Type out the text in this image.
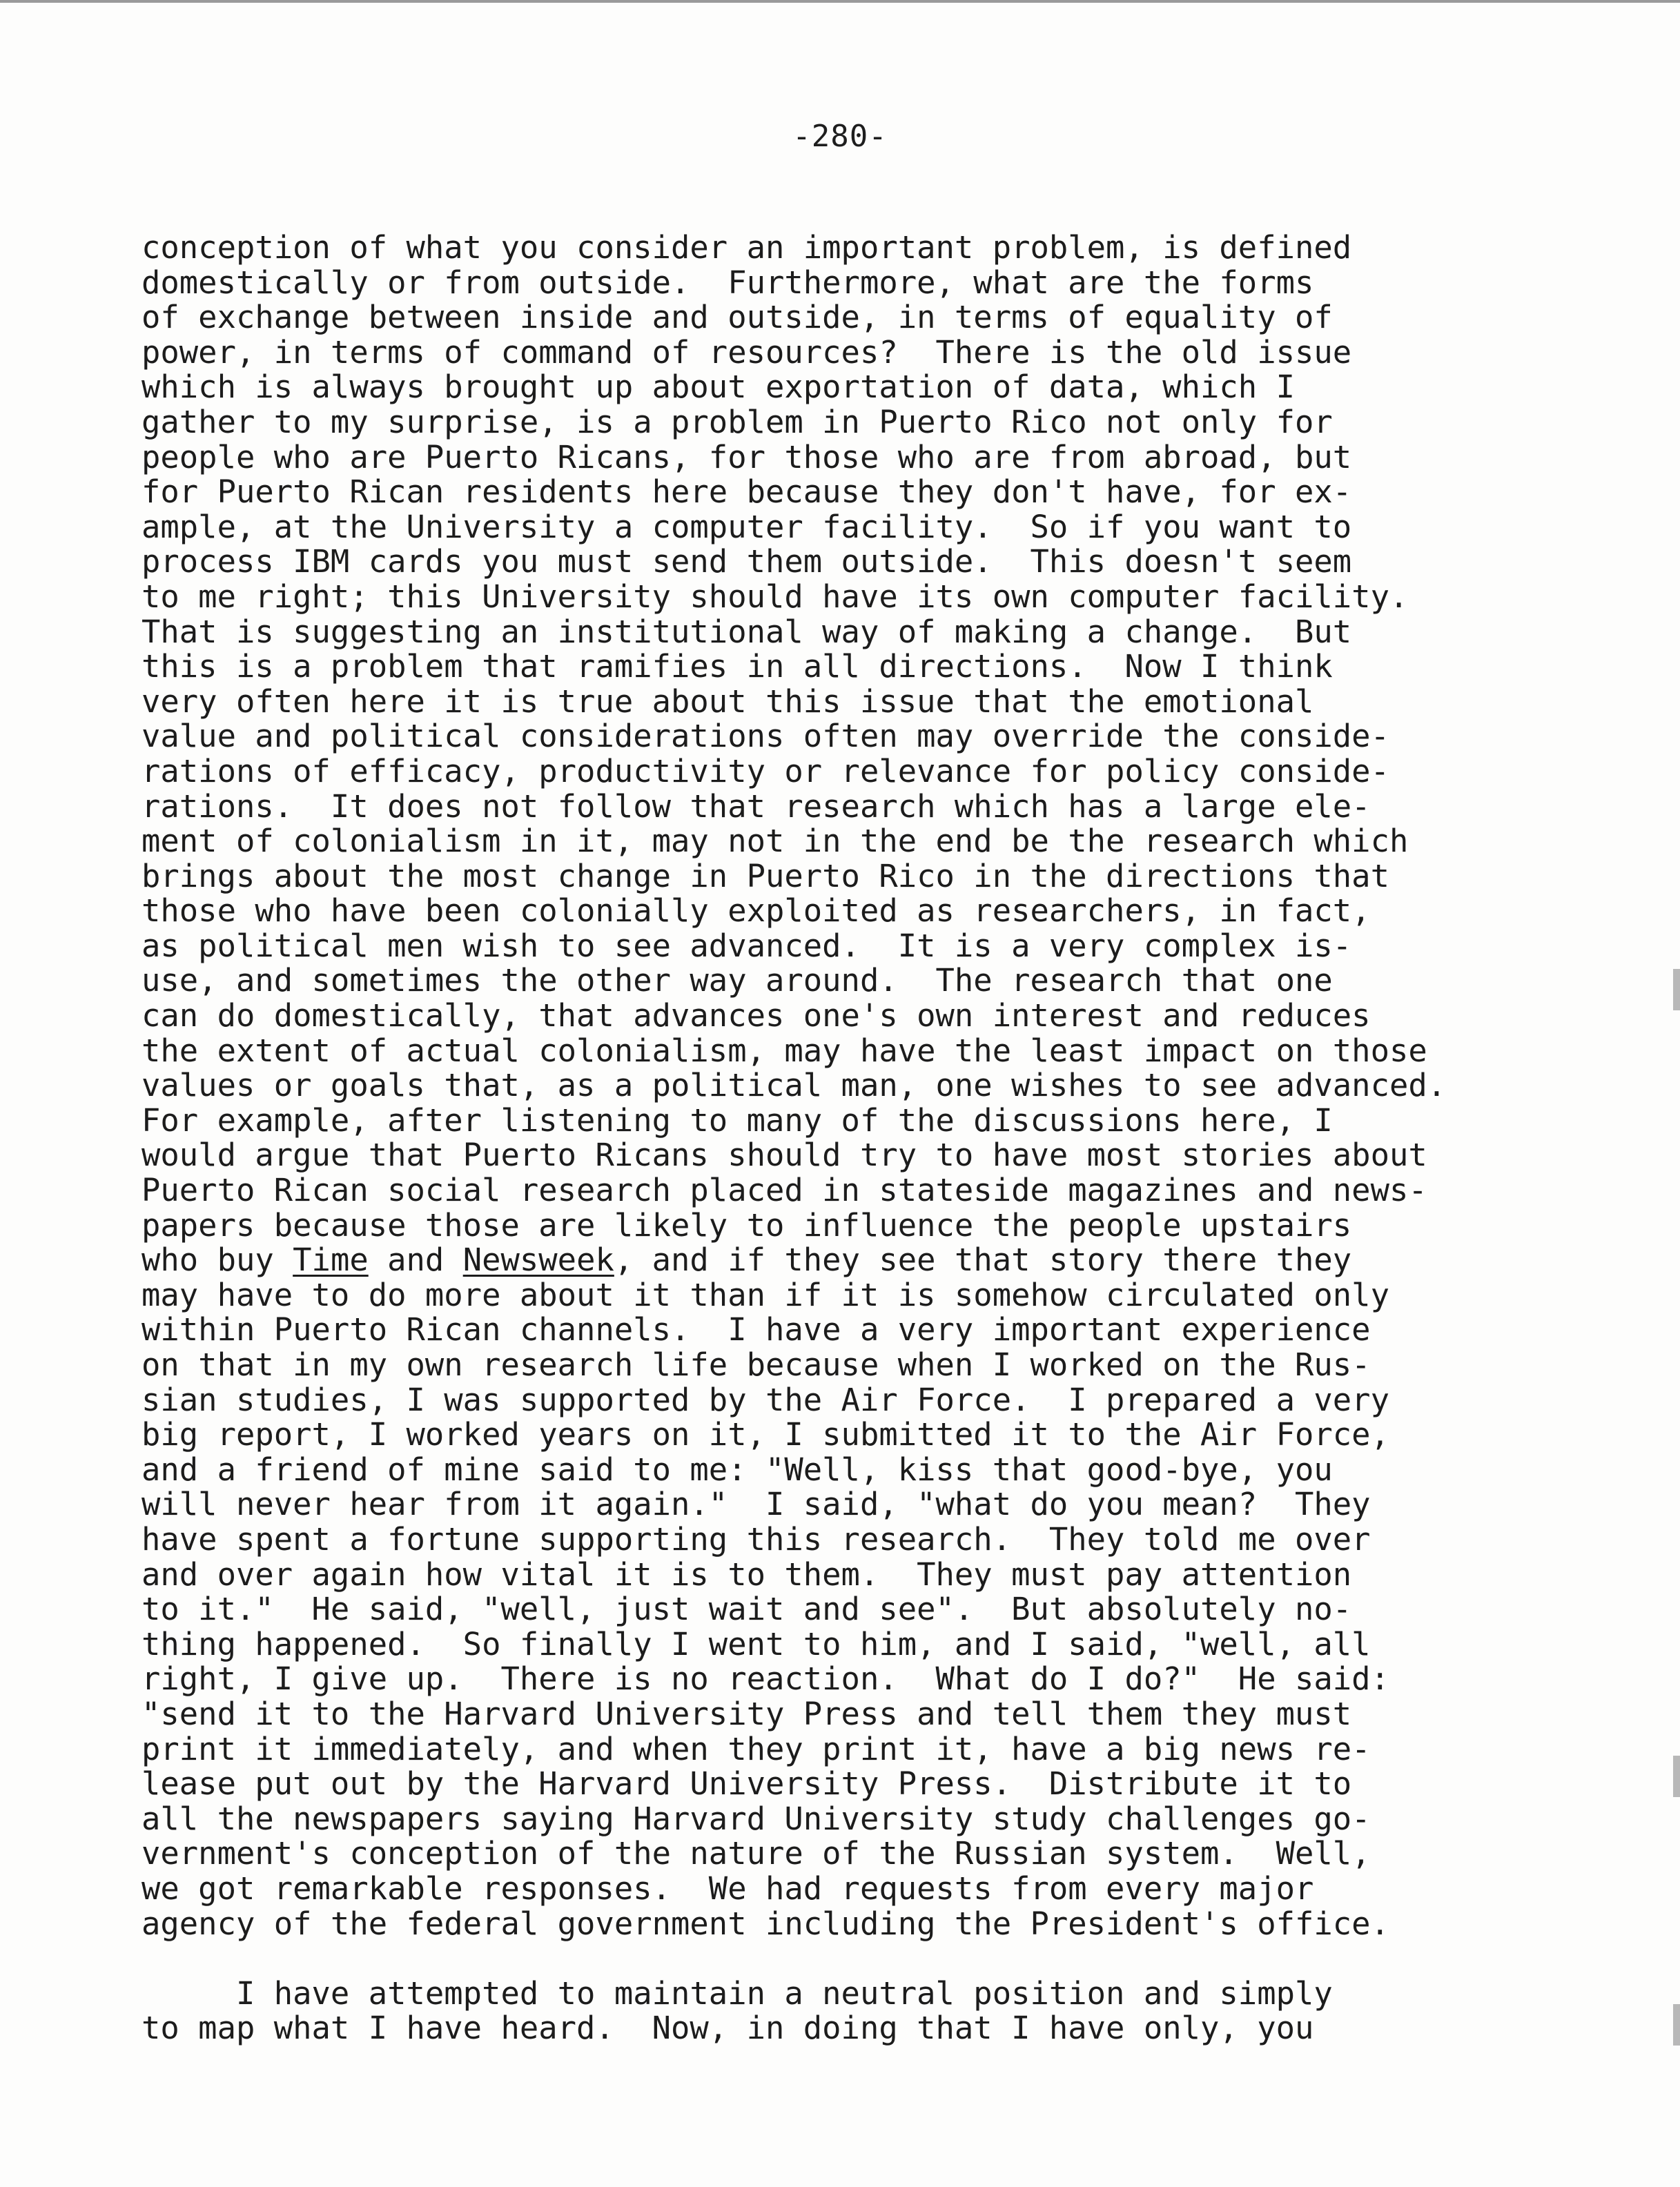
-280-
conception of what you consider an important problem, is defined
domestically or from outside.  Furthermore, what are the forms
of exchange between inside and outside, in terms of equality of
power, in terms of command of resources?  There is the old issue
which is always brought up about exportation of data, which I
gather to my surprise, is a problem in Puerto Rico not only for
people who are Puerto Ricans, for those who are from abroad, but
for Puerto Rican residents here because they don't have, for ex-
ample, at the University a computer facility.  So if you want to
process IBM cards you must send them outside.  This doesn't seem
to me right; this University should have its own computer facility.
That is suggesting an institutional way of making a change.  But
this is a problem that ramifies in all directions.  Now I think
very often here it is true about this issue that the emotional
value and political considerations often may override the conside-
rations of efficacy, productivity or relevance for policy conside-
rations.  It does not follow that research which has a large ele-
ment of colonialism in it, may not in the end be the research which
brings about the most change in Puerto Rico in the directions that
those who have been colonially exploited as researchers, in fact,
as political men wish to see advanced.  It is a very complex is-
use, and sometimes the other way around.  The research that one
can do domestically, that advances one's own interest and reduces
the extent of actual colonialism, may have the least impact on those
values or goals that, as a political man, one wishes to see advanced.
For example, after listening to many of the discussions here, I
would argue that Puerto Ricans should try to have most stories about
Puerto Rican social research placed in stateside magazines and news-
papers because those are likely to influence the people upstairs
who buy Time and Newsweek, and if they see that story there they
may have to do more about it than if it is somehow circulated only
within Puerto Rican channels.  I have a very important experience
on that in my own research life because when I worked on the Rus-
sian studies, I was supported by the Air Force.  I prepared a very
big report, I worked years on it, I submitted it to the Air Force,
and a friend of mine said to me: "Well, kiss that good-bye, you
will never hear from it again."  I said, "what do you mean?  They
have spent a fortune supporting this research.  They told me over
and over again how vital it is to them.  They must pay attention
to it."  He said, "well, just wait and see".  But absolutely no-
thing happened.  So finally I went to him, and I said, "well, all
right, I give up.  There is no reaction.  What do I do?"  He said:
"send it to the Harvard University Press and tell them they must
print it immediately, and when they print it, have a big news re-
lease put out by the Harvard University Press.  Distribute it to
all the newspapers saying Harvard University study challenges go-
vernment's conception of the nature of the Russian system.  Well,
we got remarkable responses.  We had requests from every major
agency of the federal government including the President's office.
I have attempted to maintain a neutral position and simply
to map what I have heard.  Now, in doing that I have only, you
